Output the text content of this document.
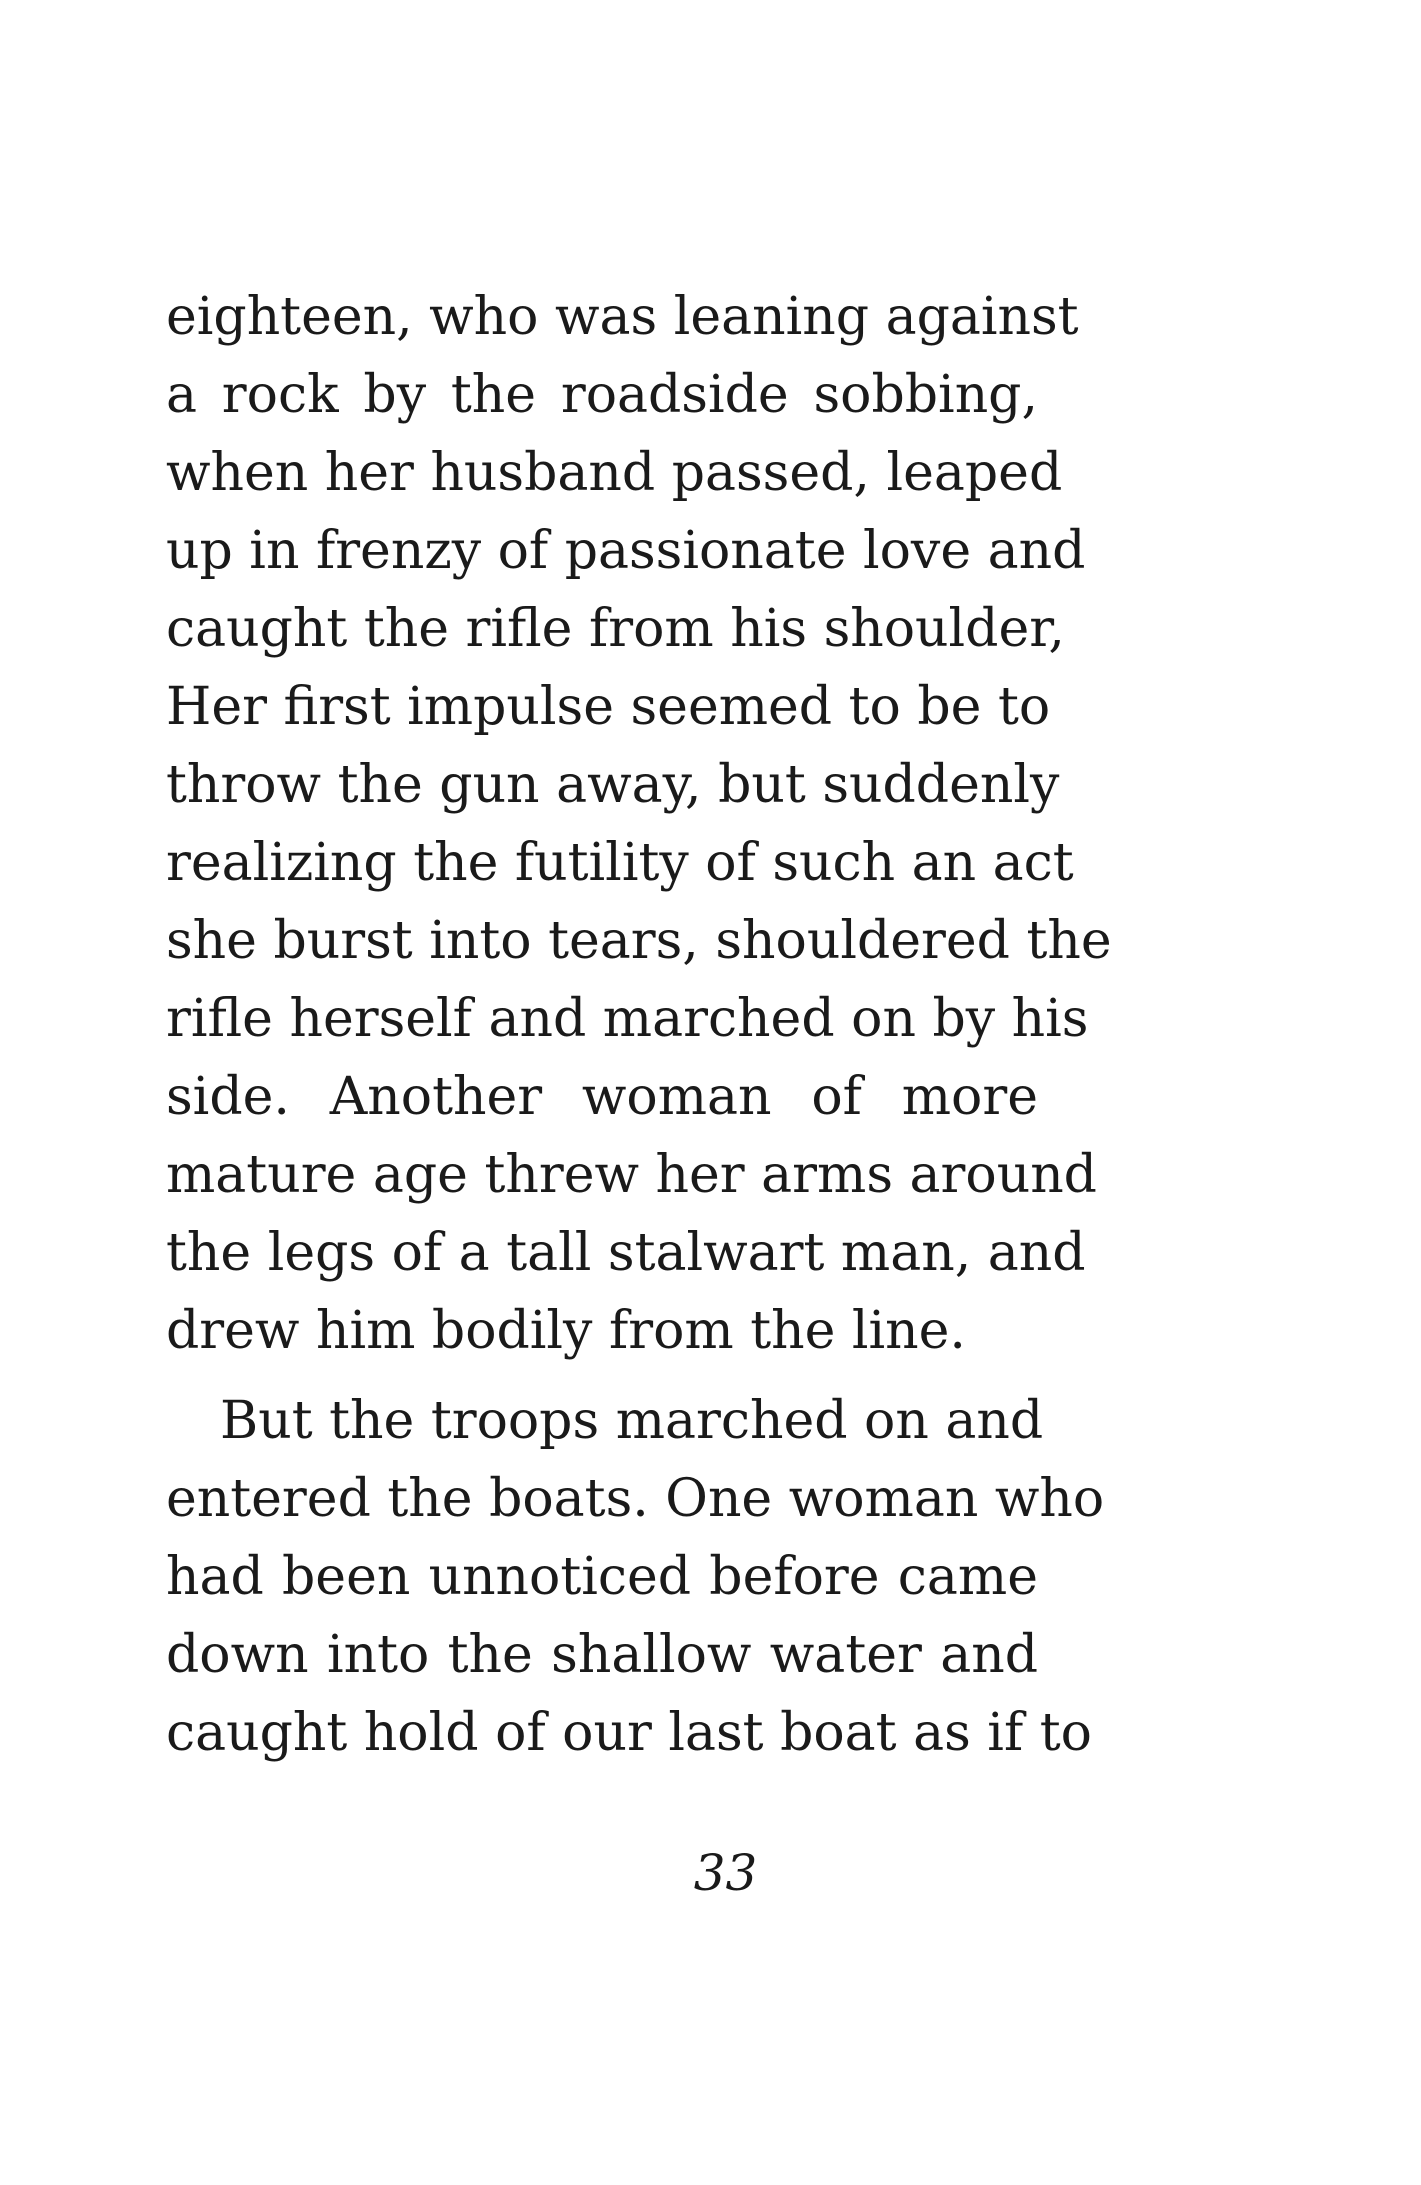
eighteen, who was leaning against
a rock by the roadside sobbing,
when her husband passed, leaped
up in frenzy of passionate love and
caught the rifle from his shoulder,
Her first impulse seemed to be to
throw the gun away, but suddenly
realizing the futility of such an act
she burst into tears, shouldered the
rifle herself and marched on by his
side. Another woman of more
mature age threw her arms around
the legs of a tall stalwart man, and
drew him bodily from the line.
But the troops marched on and
entered the boats. One woman who
had been unnoticed before came
down into the shallow water and
caught hold of our last boat as if to
33
